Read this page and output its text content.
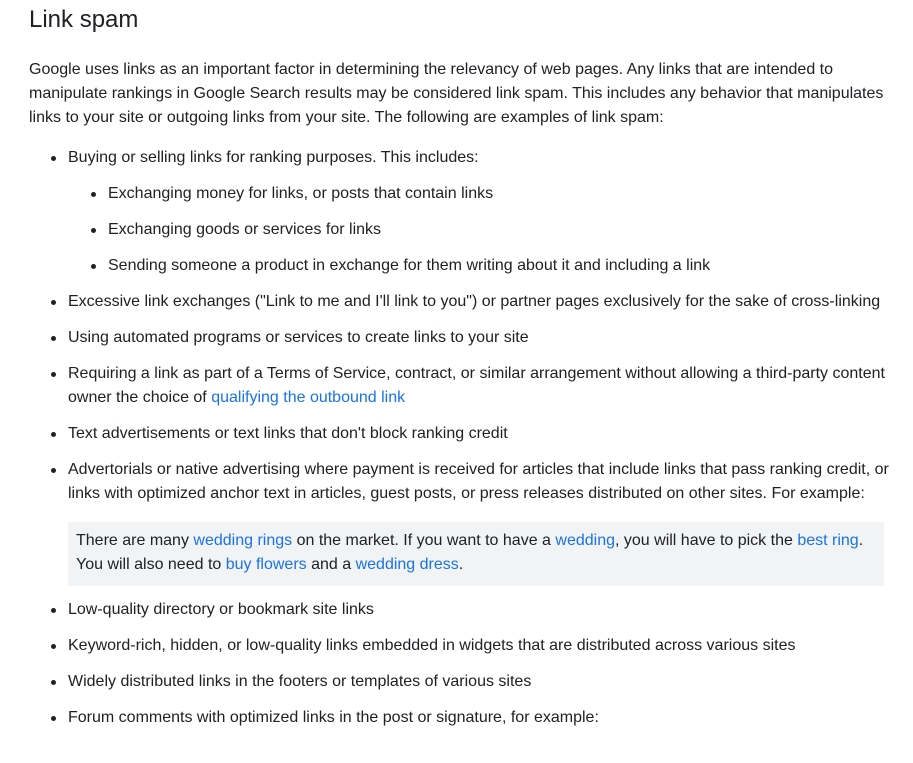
Link spam

Google uses links as an important factor in determining the relevancy of web pages. Any links that are intended to manipulate rankings in Google Search results may be considered link spam. This includes any behavior that manipulates links to your site or outgoing links from your site. The following are examples of link spam:

Buying or selling links for ranking purposes. This includes:
Exchanging money for links, or posts that contain links
Exchanging goods or services for links
Sending someone a product in exchange for them writing about it and including a link
Excessive link exchanges ("Link to me and I'll link to you") or partner pages exclusively for the sake of cross-linking
Using automated programs or services to create links to your site
Requiring a link as part of a Terms of Service, contract, or similar arrangement without allowing a third-party content owner the choice of qualifying the outbound link
Text advertisements or text links that don't block ranking credit
Advertorials or native advertising where payment is received for articles that include links that pass ranking credit, or links with optimized anchor text in articles, guest posts, or press releases distributed on other sites. For example:
There are many wedding rings on the market. If you want to have a wedding, you will have to pick the best ring. You will also need to buy flowers and a wedding dress.
Low-quality directory or bookmark site links
Keyword-rich, hidden, or low-quality links embedded in widgets that are distributed across various sites
Widely distributed links in the footers or templates of various sites
Forum comments with optimized links in the post or signature, for example:
